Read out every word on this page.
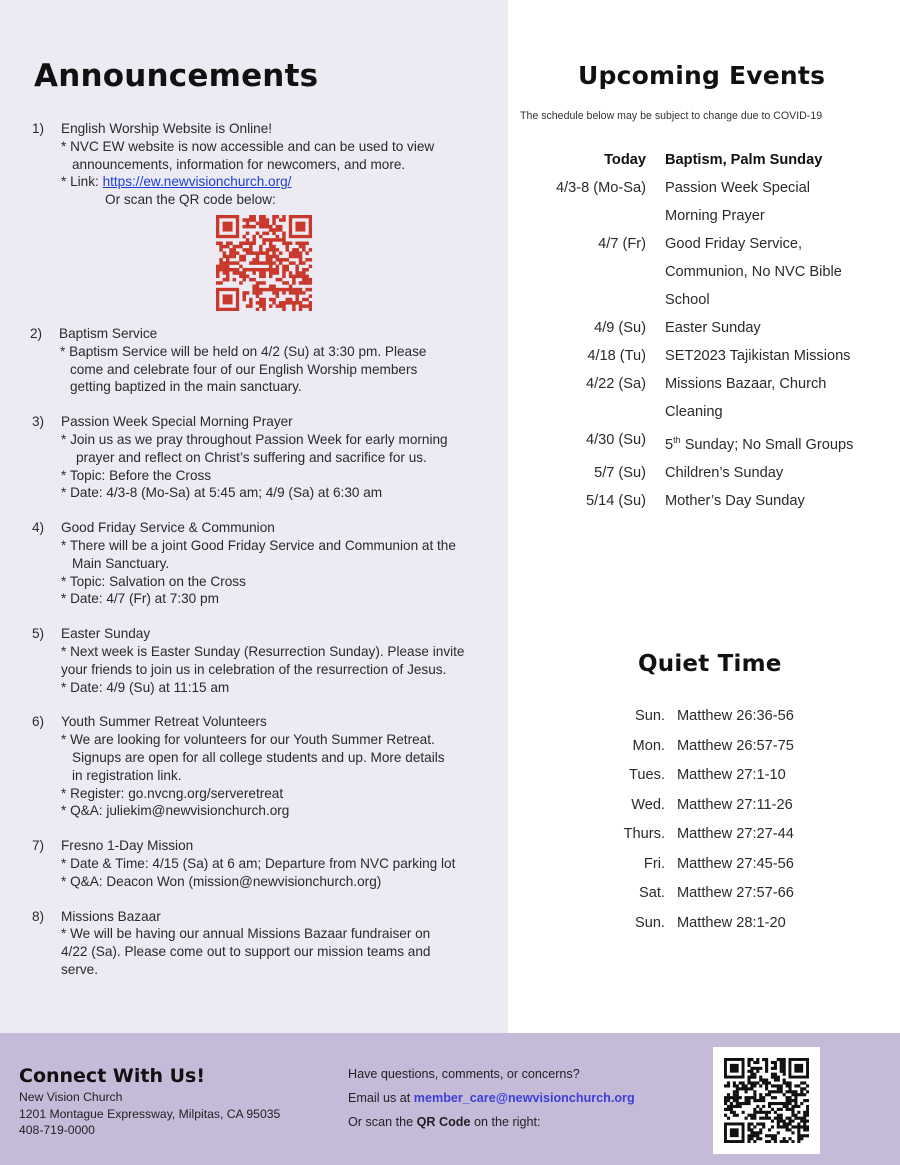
Announcements
1) English Worship Website is Online!
* NVC EW website is now accessible and can be used to view
announcements, information for newcomers, and more.
* Link: https://ew.newvisionchurch.org/
Or scan the QR code below:
2) Baptism Service
* Baptism Service will be held on 4/2 (Su) at 3:30 pm. Please
come and celebrate four of our English Worship members
getting baptized in the main sanctuary.
3) Passion Week Special Morning Prayer
* Join us as we pray throughout Passion Week for early morning
prayer and reflect on Christ’s suffering and sacrifice for us.
* Topic: Before the Cross
* Date: 4/3-8 (Mo-Sa) at 5:45 am; 4/9 (Sa) at 6:30 am
4) Good Friday Service & Communion
* There will be a joint Good Friday Service and Communion at the
Main Sanctuary.
* Topic: Salvation on the Cross
* Date: 4/7 (Fr) at 7:30 pm
5) Easter Sunday
* Next week is Easter Sunday (Resurrection Sunday). Please invite
your friends to join us in celebration of the resurrection of Jesus.
* Date: 4/9 (Su) at 11:15 am
6) Youth Summer Retreat Volunteers
* We are looking for volunteers for our Youth Summer Retreat.
Signups are open for all college students and up. More details
in registration link.
* Register: go.nvcng.org/serveretreat
* Q&A: juliekim@newvisionchurch.org
7) Fresno 1-Day Mission
* Date & Time: 4/15 (Sa) at 6 am; Departure from NVC parking lot
* Q&A: Deacon Won (mission@newvisionchurch.org)
8) Missions Bazaar
* We will be having our annual Missions Bazaar fundraiser on
4/22 (Sa). Please come out to support our mission teams and
serve.
Upcoming Events
The schedule below may be subject to change due to COVID-19
Today	Baptism, Palm Sunday
4/3-8 (Mo-Sa)	Passion Week Special Morning Prayer
4/7 (Fr)	Good Friday Service, Communion, No NVC Bible School
4/9 (Su)	Easter Sunday
4/18 (Tu)	SET2023 Tajikistan Missions
4/22 (Sa)	Missions Bazaar, Church Cleaning
4/30 (Su)	5th Sunday; No Small Groups
5/7 (Su)	Children’s Sunday
5/14 (Su)	Mother’s Day Sunday
Quiet Time
Sun.	Matthew 26:36-56
Mon.	Matthew 26:57-75
Tues.	Matthew 27:1-10
Wed.	Matthew 27:11-26
Thurs.	Matthew 27:27-44
Fri.	Matthew 27:45-56
Sat.	Matthew 27:57-66
Sun.	Matthew 28:1-20
Connect With Us!
New Vision Church
1201 Montague Expressway, Milpitas, CA 95035
408-719-0000
Have questions, comments, or concerns?
Email us at member_care@newvisionchurch.org
Or scan the QR Code on the right:
